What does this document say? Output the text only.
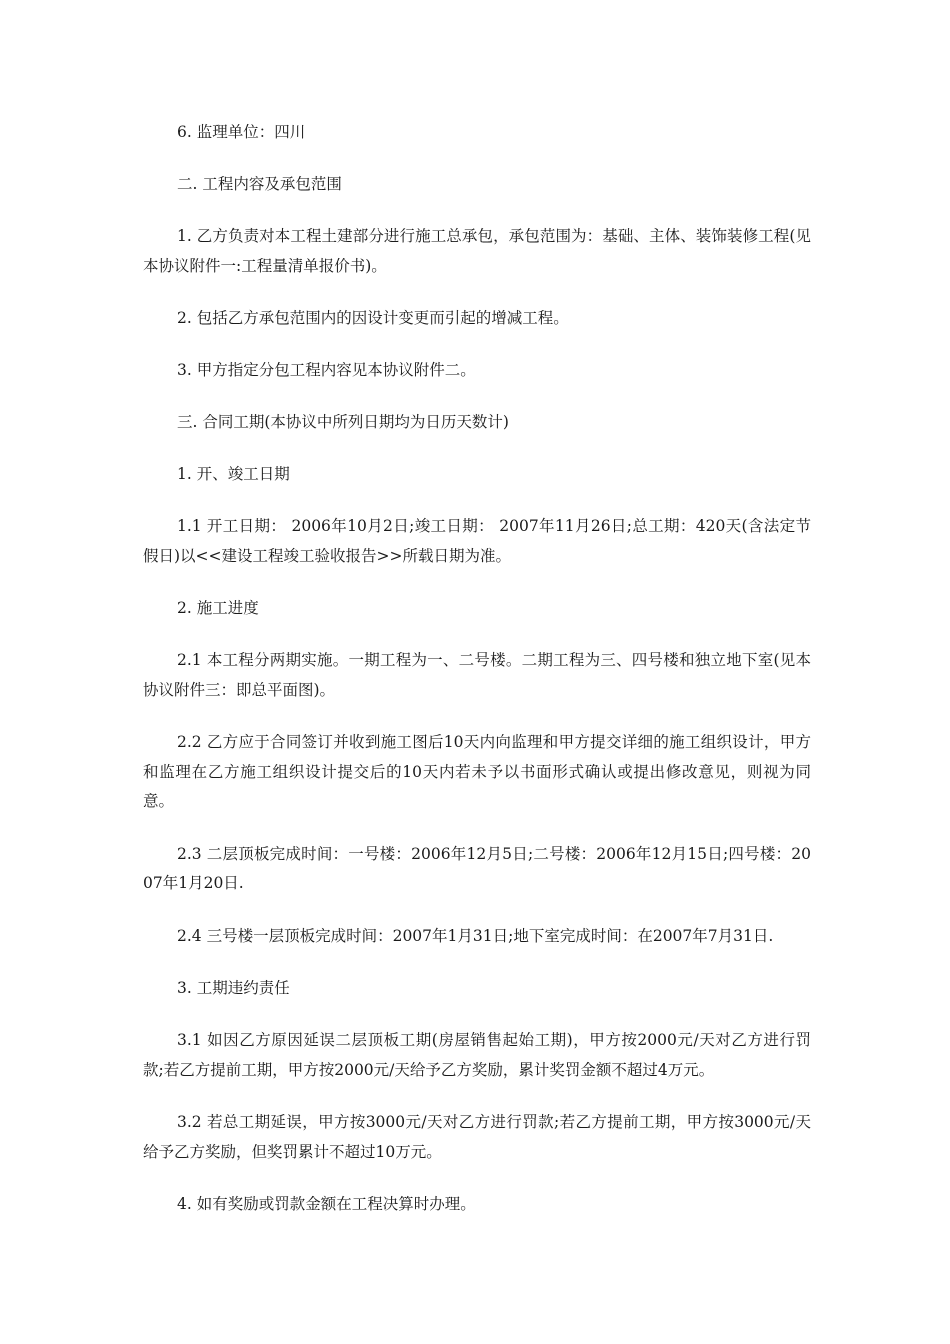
6. 监理单位：四川

二. 工程内容及承包范围

1. 乙方负责对本工程土建部分进行施工总承包，承包范围为：基础、主体、装饰装修工程(见本协议附件一:工程量清单报价书)。

2. 包括乙方承包范围内的因设计变更而引起的增减工程。

3. 甲方指定分包工程内容见本协议附件二。

三. 合同工期(本协议中所列日期均为日历天数计)

1. 开、竣工日期

1.1 开工日期： 2006年10月2日;竣工日期： 2007年11月26日;总工期：420天(含法定节假日)以<<建设工程竣工验收报告>>所载日期为准。

2. 施工进度

2.1 本工程分两期实施。一期工程为一、二号楼。二期工程为三、四号楼和独立地下室(见本协议附件三：即总平面图)。

2.2 乙方应于合同签订并收到施工图后10天内向监理和甲方提交详细的施工组织设计，甲方和监理在乙方施工组织设计提交后的10天内若未予以书面形式确认或提出修改意见，则视为同意。

2.3 二层顶板完成时间：一号楼：2006年12月5日;二号楼：2006年12月15日;四号楼：2007年1月20日.

2.4 三号楼一层顶板完成时间：2007年1月31日;地下室完成时间：在2007年7月31日.

3. 工期违约责任

3.1 如因乙方原因延误二层顶板工期(房屋销售起始工期)，甲方按2000元/天对乙方进行罚款;若乙方提前工期，甲方按2000元/天给予乙方奖励，累计奖罚金额不超过4万元。

3.2 若总工期延误，甲方按3000元/天对乙方进行罚款;若乙方提前工期，甲方按3000元/天给予乙方奖励，但奖罚累计不超过10万元。

4. 如有奖励或罚款金额在工程决算时办理。
